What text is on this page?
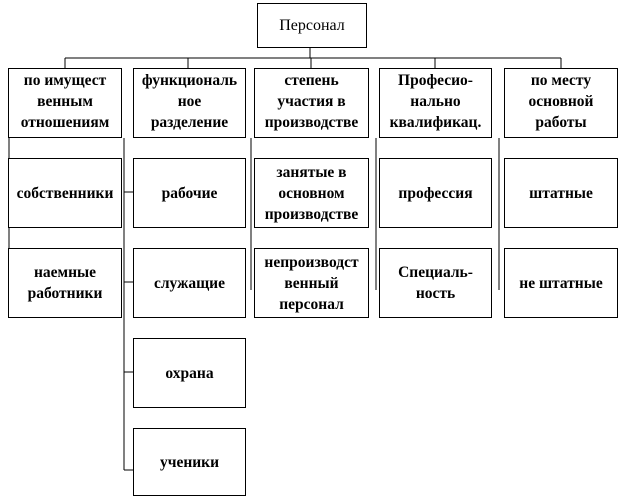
Персонал
по имущест
венным
отношениям
собственники
наемные
работники
функциональ
ное
разделение
рабочие
служащие
охрана
ученики
степень
участия в
производстве
занятые в
основном
производстве
непроизводст
венный
персонал
Професио-
нально
квалификац.
профессия
Специаль-
ность
по месту
основной
работы
штатные
не штатные
